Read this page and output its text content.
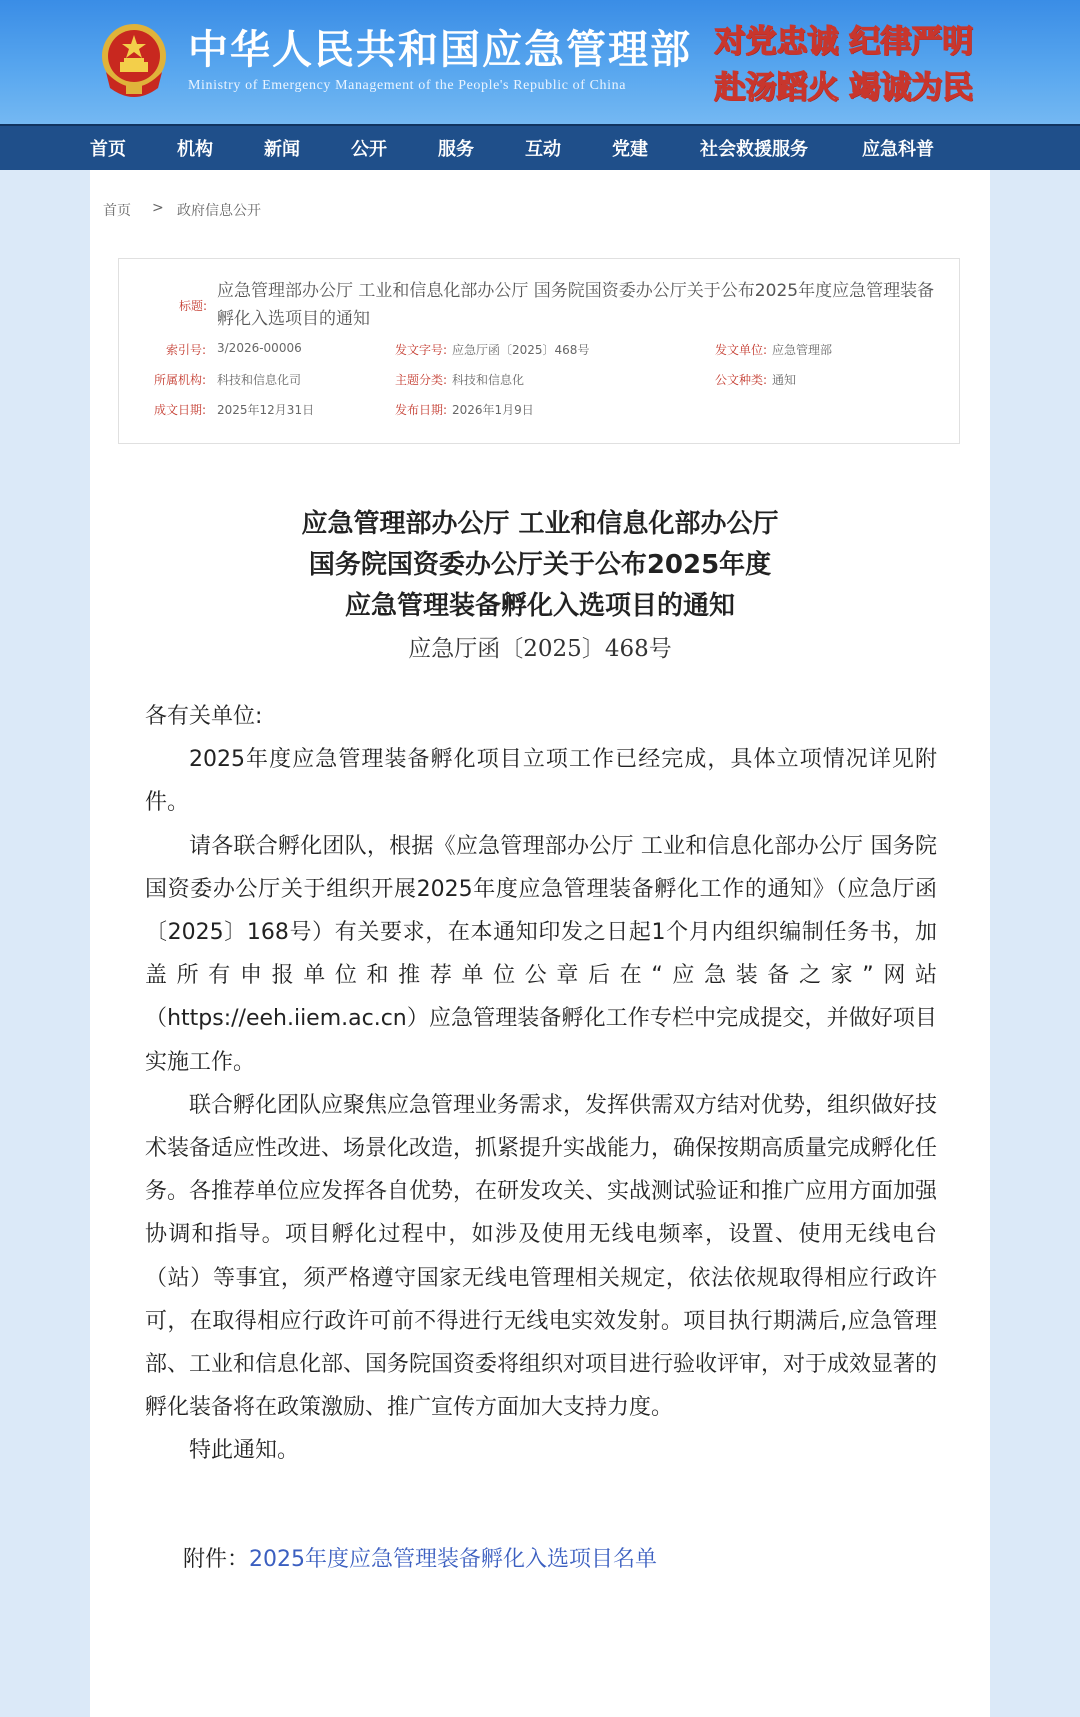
中华人民共和国应急管理部
Ministry of Emergency Management of the People's Republic of China
对党忠诚 纪律严明
赴汤蹈火 竭诚为民
首页	机构	新闻	公开	服务	互动	党建	社会救援服务	应急科普
首页 > 政府信息公开
标题:
应急管理部办公厅 工业和信息化部办公厅 国务院国资委办公厅关于公布2025年度应急管理装备孵化入选项目的通知
索引号: 3/2026-00006	发文字号: 应急厅函〔2025〕468号	发文单位: 应急管理部
所属机构: 科技和信息化司	主题分类: 科技和信息化	公文种类: 通知
成文日期: 2025年12月31日	发布日期: 2026年1月9日
应急管理部办公厅 工业和信息化部办公厅
国务院国资委办公厅关于公布2025年度
应急管理装备孵化入选项目的通知
应急厅函〔2025〕468号

各有关单位:

2025年度应急管理装备孵化项目立项工作已经完成，具体立项情况详见附件。

请各联合孵化团队，根据《应急管理部办公厅 工业和信息化部办公厅 国务院国资委办公厅关于组织开展2025年度应急管理装备孵化工作的通知》（应急厅函〔2025〕168号）有关要求，在本通知印发之日起1个月内组织编制任务书，加盖所有申报单位和推荐单位公章后在“应急装备之家”网站（https://eeh.iiem.ac.cn）应急管理装备孵化工作专栏中完成提交，并做好项目实施工作。

联合孵化团队应聚焦应急管理业务需求，发挥供需双方结对优势，组织做好技术装备适应性改进、场景化改造，抓紧提升实战能力，确保按期高质量完成孵化任务。各推荐单位应发挥各自优势，在研发攻关、实战测试验证和推广应用方面加强协调和指导。项目孵化过程中，如涉及使用无线电频率，设置、使用无线电台（站）等事宜，须严格遵守国家无线电管理相关规定，依法依规取得相应行政许可，在取得相应行政许可前不得进行无线电实效发射。项目执行期满后,应急管理部、工业和信息化部、国务院国资委将组织对项目进行验收评审，对于成效显著的孵化装备将在政策激励、推广宣传方面加大支持力度。

特此通知。

附件：2025年度应急管理装备孵化入选项目名单
